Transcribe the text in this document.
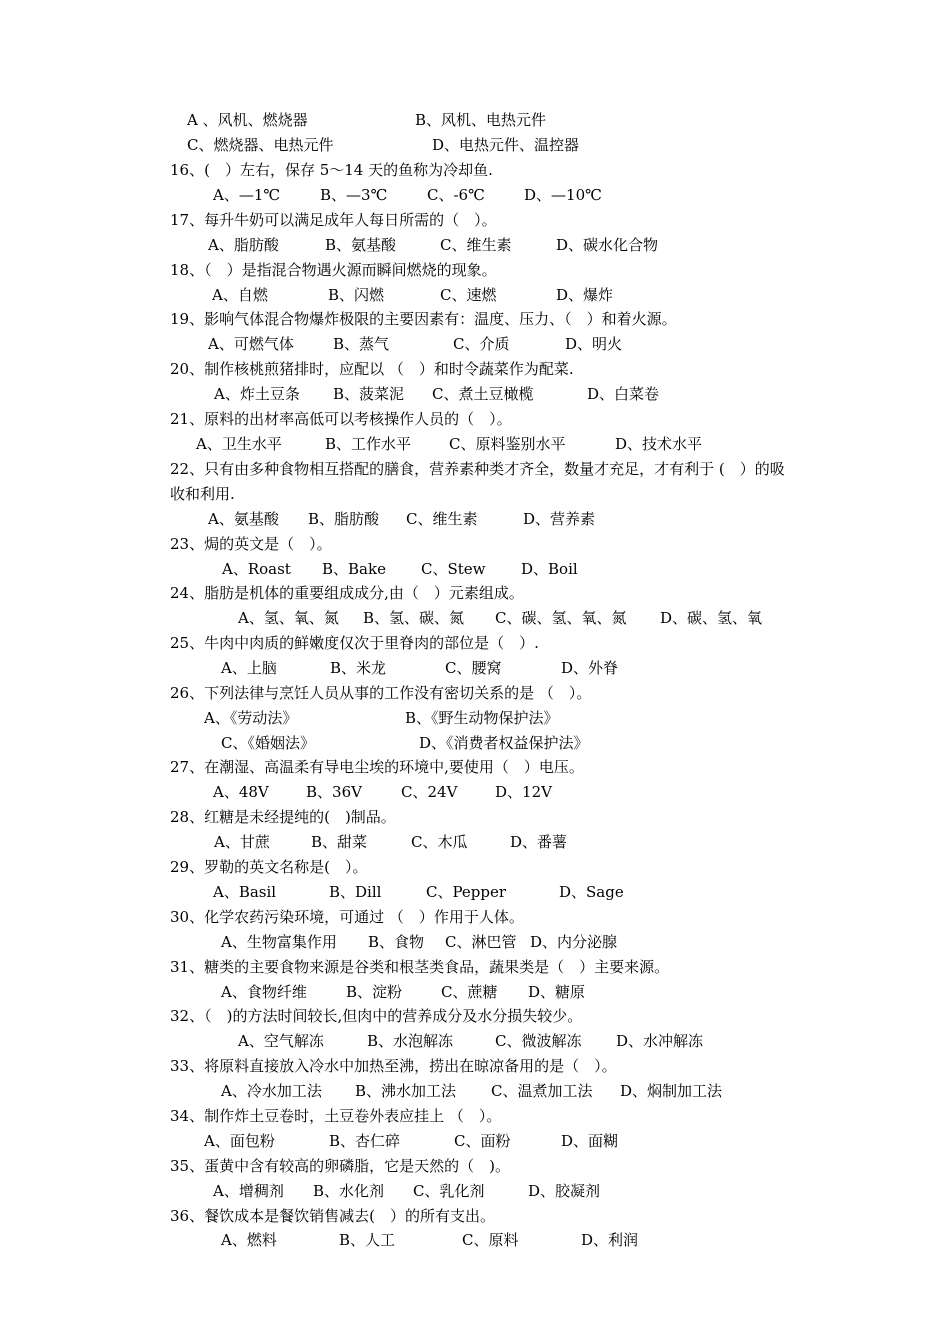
A 、风机、燃烧器	B、风机、电热元件
C、燃烧器、电热元件	D、电热元件、温控器
16、(　）左右，保存 5～14 天的鱼称为冷却鱼.
A、—1℃	B、—3℃	C、-6℃	D、—10℃
17、每升牛奶可以满足成年人每日所需的（　）。
A、脂肪酸	B、氨基酸	C、维生素	D、碳水化合物
18、（　）是指混合物遇火源而瞬间燃烧的现象。
A、自燃	B、闪燃	C、速燃	D、爆炸
19、影响气体混合物爆炸极限的主要因素有：温度、压力、（　）和着火源。
A、可燃气体	B、蒸气	C、介质	D、明火
20、制作核桃煎猪排时，应配以 （　）和时令蔬菜作为配菜.
A、炸土豆条 B、菠菜泥 C、煮土豆橄榄	D、白菜卷
21、原料的出材率高低可以考核操作人员的（　）。
A、卫生水平	B、工作水平	C、原料鉴别水平	D、技术水平
22、只有由多种食物相互搭配的膳食，营养素种类才齐全，数量才充足，才有利于 (　）的吸
收和利用.
A、氨基酸 B、脂肪酸 C、维生素	D、营养素
23、焗的英文是（　）。
A、Roast B、Bake C、Stew D、Boil
24、脂肪是机体的重要组成成分,由（　）元素组成。
A、氢、氧、氮 B、氢、碳、氮 C、碳、氢、氧、氮 D、碳、氢、氧
25、牛肉中肉质的鲜嫩度仅次于里脊肉的部位是（　）.
A、上脑	B、米龙	C、腰窝	D、外脊
26、下列法律与烹饪人员从事的工作没有密切关系的是 （　）。
A、《劳动法》	B、《野生动物保护法》
C、《婚姻法》	D、《消费者权益保护法》
27、在潮湿、高温柔有导电尘埃的环境中,要使用（　）电压。
A、48V B、36V	C、24V	D、12V
28、红糖是未经提纯的(　)制品。
A、甘蔗	B、甜菜	C、木瓜	D、番薯
29、罗勒的英文名称是(　）。
A、Basil	B、Dill	C、Pepper	D、Sage
30、化学农药污染环境，可通过 （　）作用于人体。
A、生物富集作用 B、食物 C、淋巴管 D、内分泌腺
31、糖类的主要食物来源是谷类和根茎类食品，蔬果类是（　）主要来源。
A、食物纤维	B、淀粉	C、蔗糖 D、糖原
32、（　)的方法时间较长,但肉中的营养成分及水分损失较少。
A、空气解冻	B、水泡解冻	C、微波解冻 D、水冲解冻
33、将原料直接放入冷水中加热至沸，捞出在晾凉备用的是（　）。
A、冷水加工法 B、沸水加工法 C、温煮加工法 D、焖制加工法
34、制作炸土豆卷时，土豆卷外表应挂上 （　）。
A、面包粉	B、杏仁碎	C、面粉	D、面糊
35、蛋黄中含有较高的卵磷脂，它是天然的（　)。
A、增稠剂 B、水化剂 C、乳化剂	D、胶凝剂
36、餐饮成本是餐饮销售减去(　）的所有支出。
A、燃料	B、人工	C、原料	D、利润
